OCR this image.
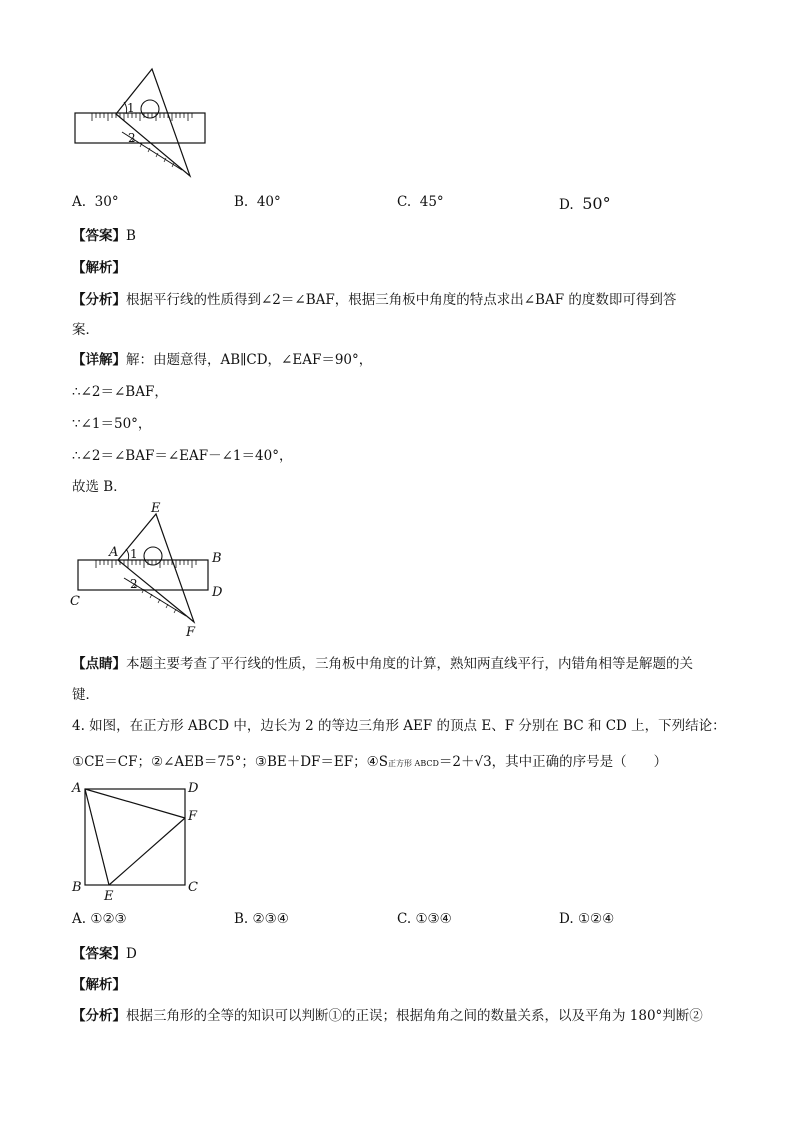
1
2
A. 30°	B. 40°	C. 45°	D. 50°
【答案】B
【解析】
【分析】根据平行线的性质得到∠2＝∠BAF，根据三角板中角度的特点求出∠BAF 的度数即可得到答
案．
【详解】解：由题意得，AB∥CD，∠EAF＝90°，
∴∠2＝∠BAF，
∵∠1＝50°，
∴∠2＝∠BAF＝∠EAF－∠1＝40°，
故选 B．
E
A	B
C
D
F
1
2
【点睛】本题主要考查了平行线的性质，三角板中角度的计算，熟知两直线平行，内错角相等是解题的关
键．
4. 如图，在正方形 ABCD 中，边长为 2 的等边三角形 AEF 的顶点 E、F 分别在 BC 和 CD 上，下列结论：
①CE＝CF；②∠AEB＝75°；③BE＋DF＝EF；④S正方形 ABCD＝2＋√3，其中正确的序号是（　　）
A	D
F
B	C
E
A. ①②③	B. ②③④	C. ①③④	D. ①②④
【答案】D
【解析】
【分析】根据三角形的全等的知识可以判断①的正误；根据角角之间的数量关系，以及平角为 180°判断②
